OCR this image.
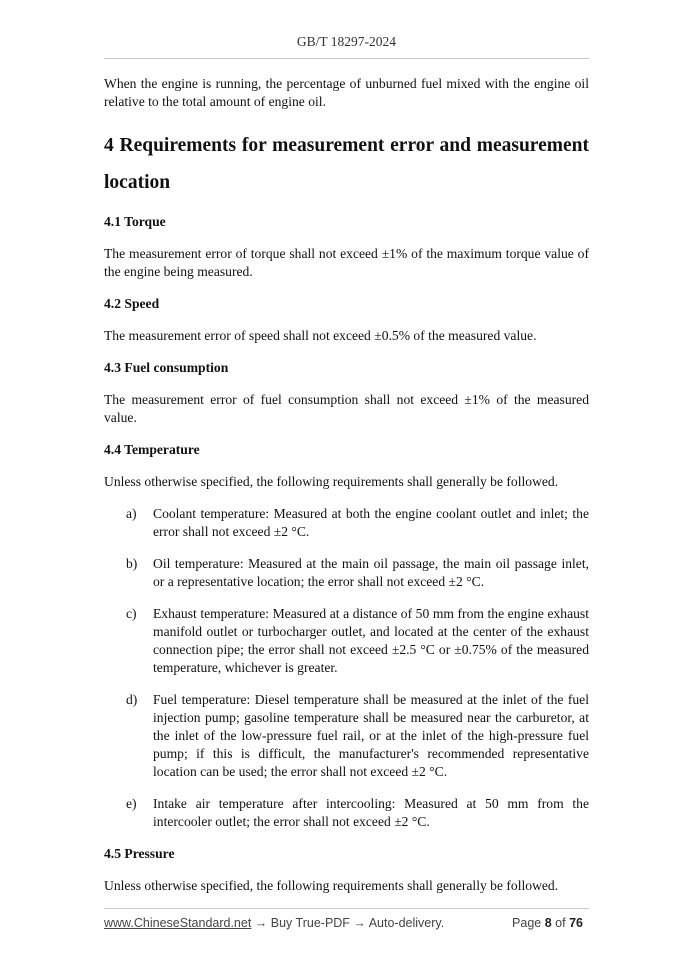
GB/T 18297-2024

When the engine is running, the percentage of unburned fuel mixed with the engine oil relative to the total amount of engine oil.

4 Requirements for measurement error and measurement location
4.1 Torque

The measurement error of torque shall not exceed ±1% of the maximum torque value of the engine being measured.

4.2 Speed

The measurement error of speed shall not exceed ±0.5% of the measured value.

4.3 Fuel consumption

The measurement error of fuel consumption shall not exceed ±1% of the measured value.

4.4 Temperature

Unless otherwise specified, the following requirements shall generally be followed.

a)	Coolant temperature: Measured at both the engine coolant outlet and inlet; the error shall not exceed ±2 °C.
b)	Oil temperature: Measured at the main oil passage, the main oil passage inlet, or a representative location; the error shall not exceed ±2 °C.
c)	Exhaust temperature: Measured at a distance of 50 mm from the engine exhaust manifold outlet or turbocharger outlet, and located at the center of the exhaust connection pipe; the error shall not exceed ±2.5 °C or ±0.75% of the measured temperature, whichever is greater.
d)	Fuel temperature: Diesel temperature shall be measured at the inlet of the fuel injection pump; gasoline temperature shall be measured near the carburetor, at the inlet of the low-pressure fuel rail, or at the inlet of the high-pressure fuel pump; if this is difficult, the manufacturer's recommended representative location can be used; the error shall not exceed ±2 °C.
e)	Intake air temperature after intercooling: Measured at 50 mm from the intercooler outlet; the error shall not exceed ±2 °C.
4.5 Pressure

Unless otherwise specified, the following requirements shall generally be followed.

www.ChineseStandard.net → Buy True-PDF → Auto-delivery.	Page 8 of 76
